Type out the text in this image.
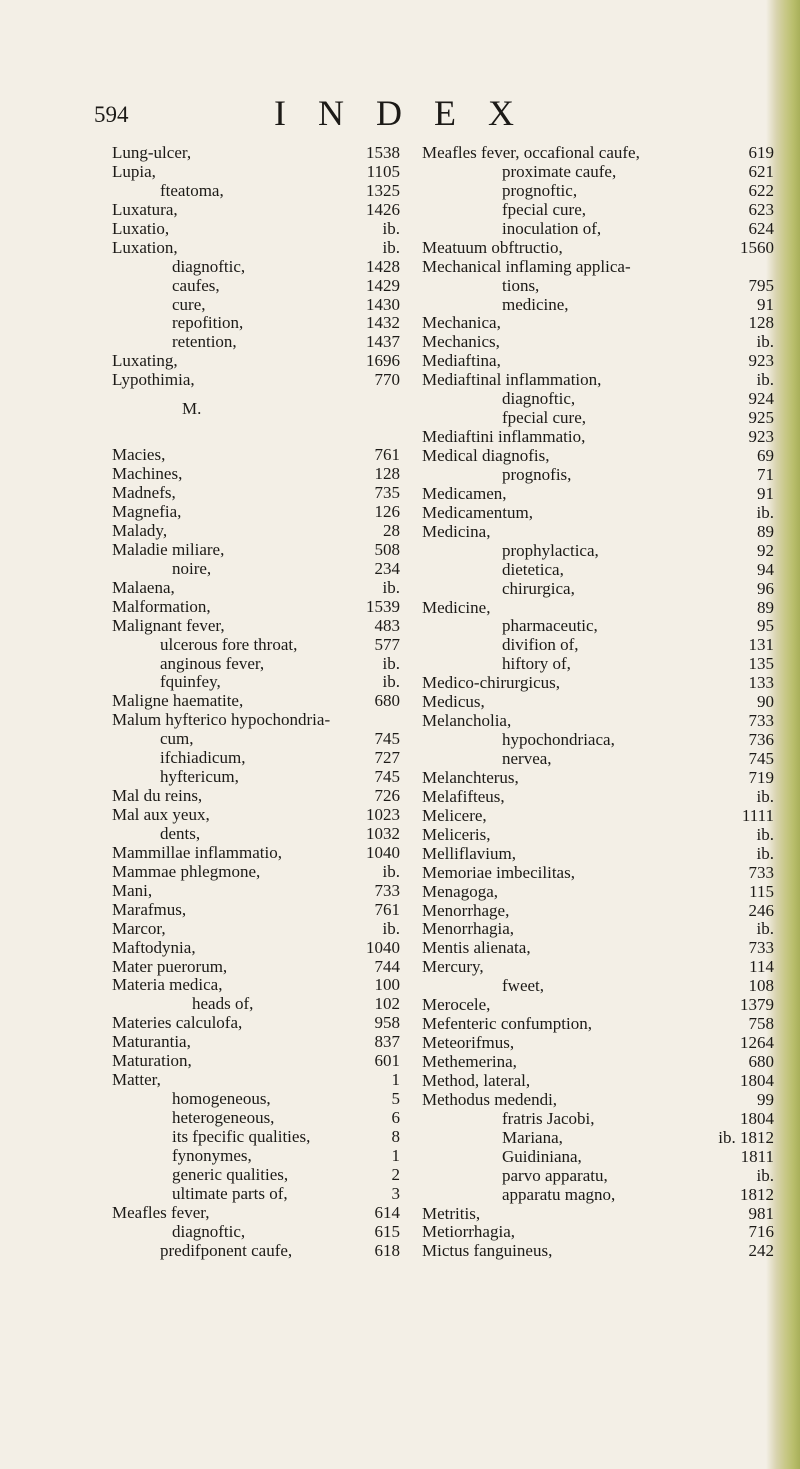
594	INDEX
Lung-ulcer,	1538
Lupia,	1105
fteatoma,	1325
Luxatura,	1426
Luxatio,	ib.
Luxation,	ib.
diagnoftic,	1428
caufes,	1429
cure,	1430
repofition,	1432
retention,	1437
Luxating,	1696
Lypothimia,	770
M.
Macies,	761
Machines,	128
Madnefs,	735
Magnefia,	126
Malady,	28
Maladie miliare,	508
noire,	234
Malaena,	ib.
Malformation,	1539
Malignant fever,	483
ulcerous fore throat,	577
anginous fever,	ib.
fquinfey,	ib.
Maligne haematite,	680
Malum hyfterico hypochondria-
cum,	745
ifchiadicum,	727
hyftericum,	745
Mal du reins,	726
Mal aux yeux,	1023
dents,	1032
Mammillae inflammatio,	1040
Mammae phlegmone,	ib.
Mani,	733
Marafmus,	761
Marcor,	ib.
Maftodynia,	1040
Mater puerorum,	744
Materia medica,	100
heads of,	102
Materies calculofa,	958
Maturantia,	837
Maturation,	601
Matter,	1
homogeneous,	5
heterogeneous,	6
its fpecific qualities,	8
fynonymes,	1
generic qualities,	2
ultimate parts of,	3
Meafles fever,	614
diagnoftic,	615
predifponent caufe,	618
Meafles fever, occafional caufe,	619
proximate caufe,	621
prognoftic,	622
fpecial cure,	623
inoculation of,	624
Meatuum obftructio,	1560
Mechanical inflaming applica-
tions,	795
medicine,	91
Mechanica,	128
Mechanics,	ib.
Mediaftina,	923
Mediaftinal inflammation,	ib.
diagnoftic,	924
fpecial cure,	925
Mediaftini inflammatio,	923
Medical diagnofis,	69
prognofis,	71
Medicamen,	91
Medicamentum,	ib.
Medicina,	89
prophylactica,	92
dietetica,	94
chirurgica,	96
Medicine,	89
pharmaceutic,	95
divifion of,	131
hiftory of,	135
Medico-chirurgicus,	133
Medicus,	90
Melancholia,	733
hypochondriaca,	736
nervea,	745
Melanchterus,	719
Melafifteus,	ib.
Melicere,	1111
Meliceris,	ib.
Melliflavium,	ib.
Memoriae imbecilitas,	733
Menagoga,	115
Menorrhage,	246
Menorrhagia,	ib.
Mentis alienata,	733
Mercury,	114
fweet,	108
Merocele,	1379
Mefenteric confumption,	758
Meteorifmus,	1264
Methemerina,	680
Method, lateral,	1804
Methodus medendi,	99
fratris Jacobi,	1804
Mariana,	ib. 1812
Guidiniana,	1811
parvo apparatu,	ib.
apparatu magno,	1812
Metritis,	981
Metiorrhagia,	716
Mictus fanguineus,	242
